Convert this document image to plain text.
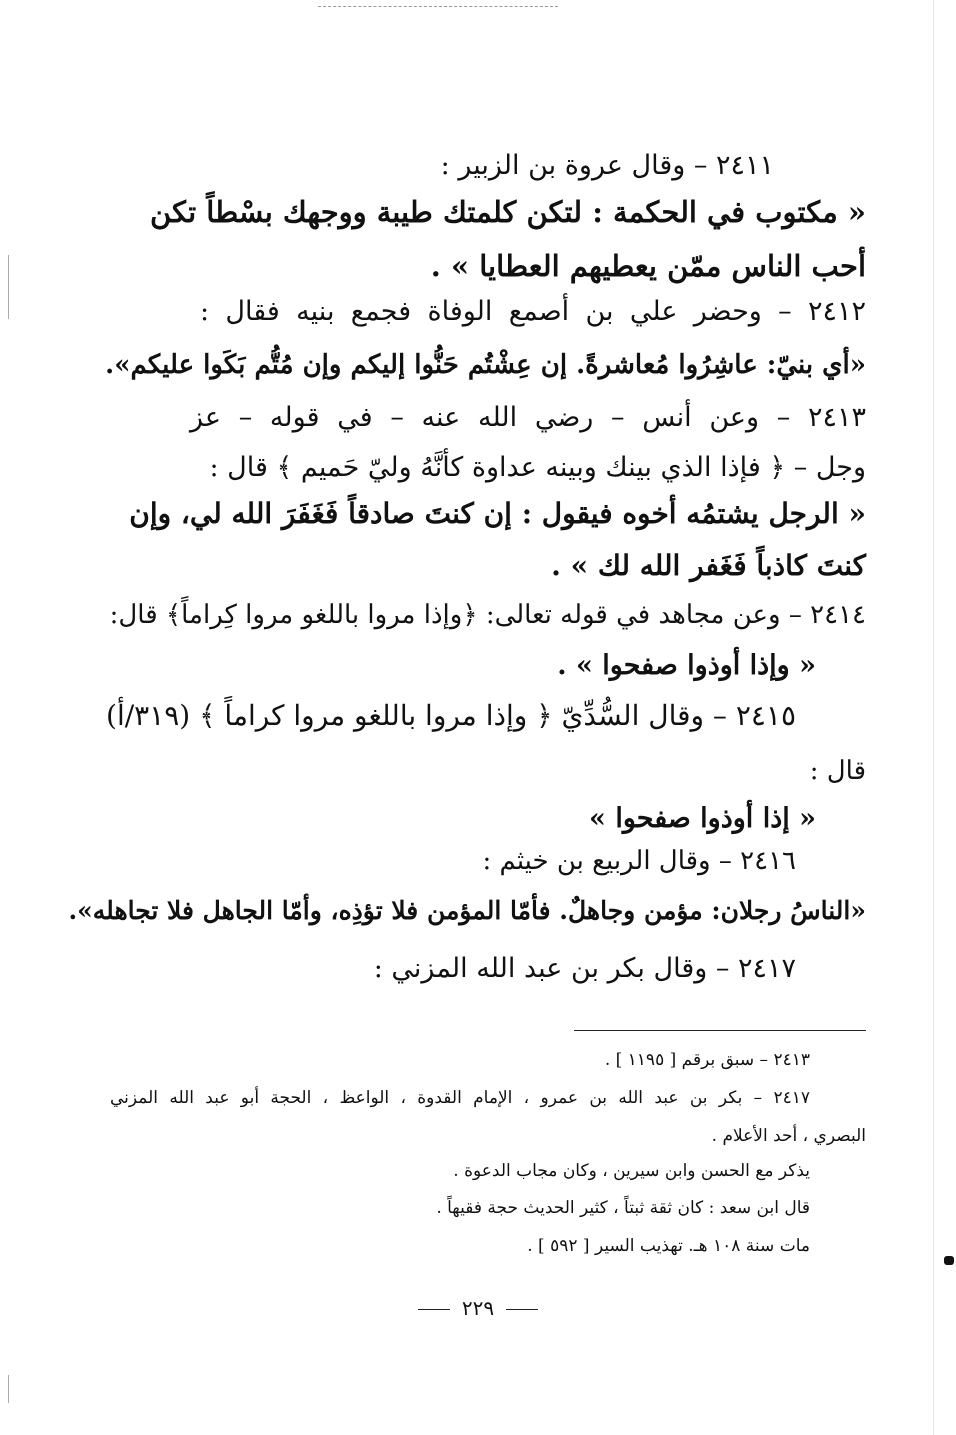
٢٤١١ – وقال عروة بن الزبير :
« مكتوب في الحكمة : لتكن كلمتك طيبة ووجهك بسْطاً تكن
أحب الناس ممّن يعطيهم العطايا » .
٢٤١٢ – وحضر علي بن أصمع الوفاة فجمع بنيه فقال :
«أي بنيّ: عاشِرُوا مُعاشرةً. إن عِشْتُم حَنُّوا إليكم وإن مُتُّم بَكَوا عليكم».
٢٤١٣ – وعن أنس – رضي الله عنه – في قوله – عز
وجل – ﴿ فإذا الذي بينك وبينه عداوة كأنَّهُ وليّ حَميم ﴾ قال :
« الرجل يشتمُه أخوه فيقول : إن كنتَ صادقاً فَغَفَرَ الله لي، وإن
كنتَ كاذباً فَغَفر الله لك » .
٢٤١٤ – وعن مجاهد في قوله تعالى: ﴿وإذا مروا باللغو مروا كِراماً﴾ قال:
« وإذا أوذوا صفحوا » .
٢٤١٥ – وقال السُّدِّيّ ﴿ وإذا مروا باللغو مروا كراماً ﴾ (٣١٩/أ)
قال :
« إذا أوذوا صفحوا »
٢٤١٦ – وقال الربيع بن خيثم :
«الناسُ رجلان: مؤمن وجاهلٌ. فأمّا المؤمن فلا تؤذِه، وأمّا الجاهل فلا تجاهله».
٢٤١٧ – وقال بكر بن عبد الله المزني :
٢٤١٣ – سبق برقم [ ١١٩٥ ] .
٢٤١٧ – بكر بن عبد الله بن عمرو ، الإمام القدوة ، الواعظ ، الحجة أبو عبد الله المزني
البصري ، أحد الأعلام .
يذكر مع الحسن وابن سيرين ، وكان مجاب الدعوة .
قال ابن سعد : كان ثقة ثبتاً ، كثير الحديث حجة فقيهاً .
مات سنة ١٠٨ هـ. تهذيب السير [ ٥٩٢ ] .
٢٢٩
